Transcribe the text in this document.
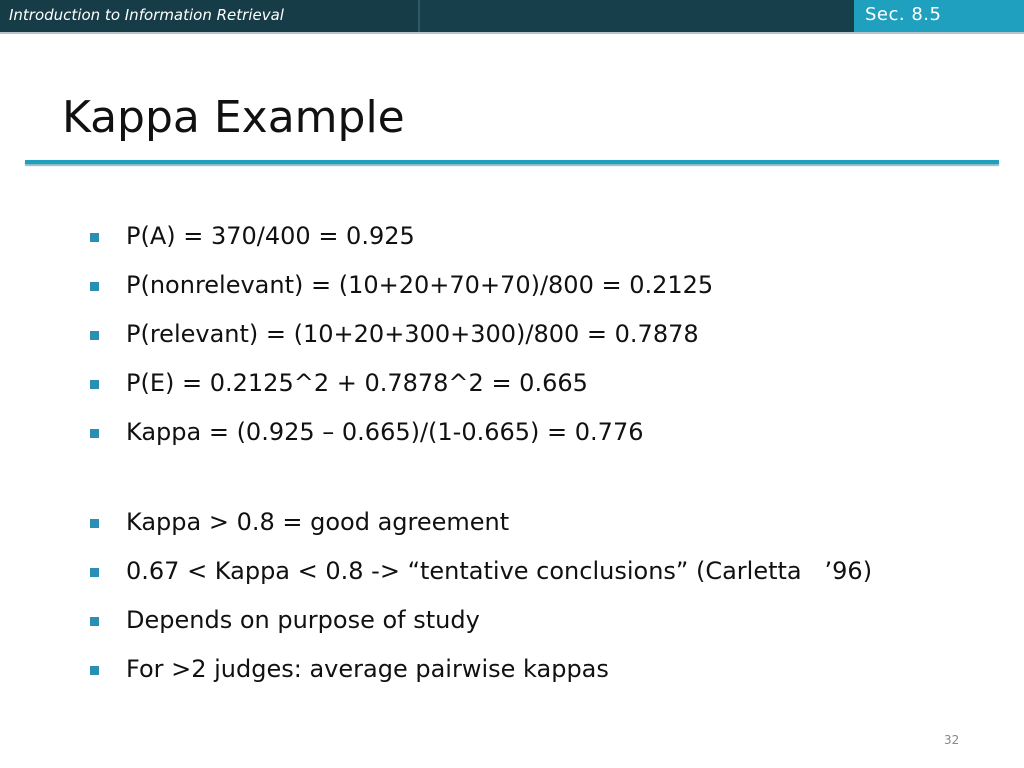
Introduction to Information Retrieval	Sec. 8.5
Kappa Example
P(A) = 370/400 = 0.925
P(nonrelevant) = (10+20+70+70)/800 = 0.2125
P(relevant) = (10+20+300+300)/800 = 0.7878
P(E) = 0.2125^2 + 0.7878^2 = 0.665
Kappa = (0.925 – 0.665)/(1-0.665) = 0.776
Kappa > 0.8 = good agreement
0.67 < Kappa < 0.8 -> “tentative conclusions” (Carletta   ’96)
Depends on purpose of study
For >2 judges: average pairwise kappas
32
